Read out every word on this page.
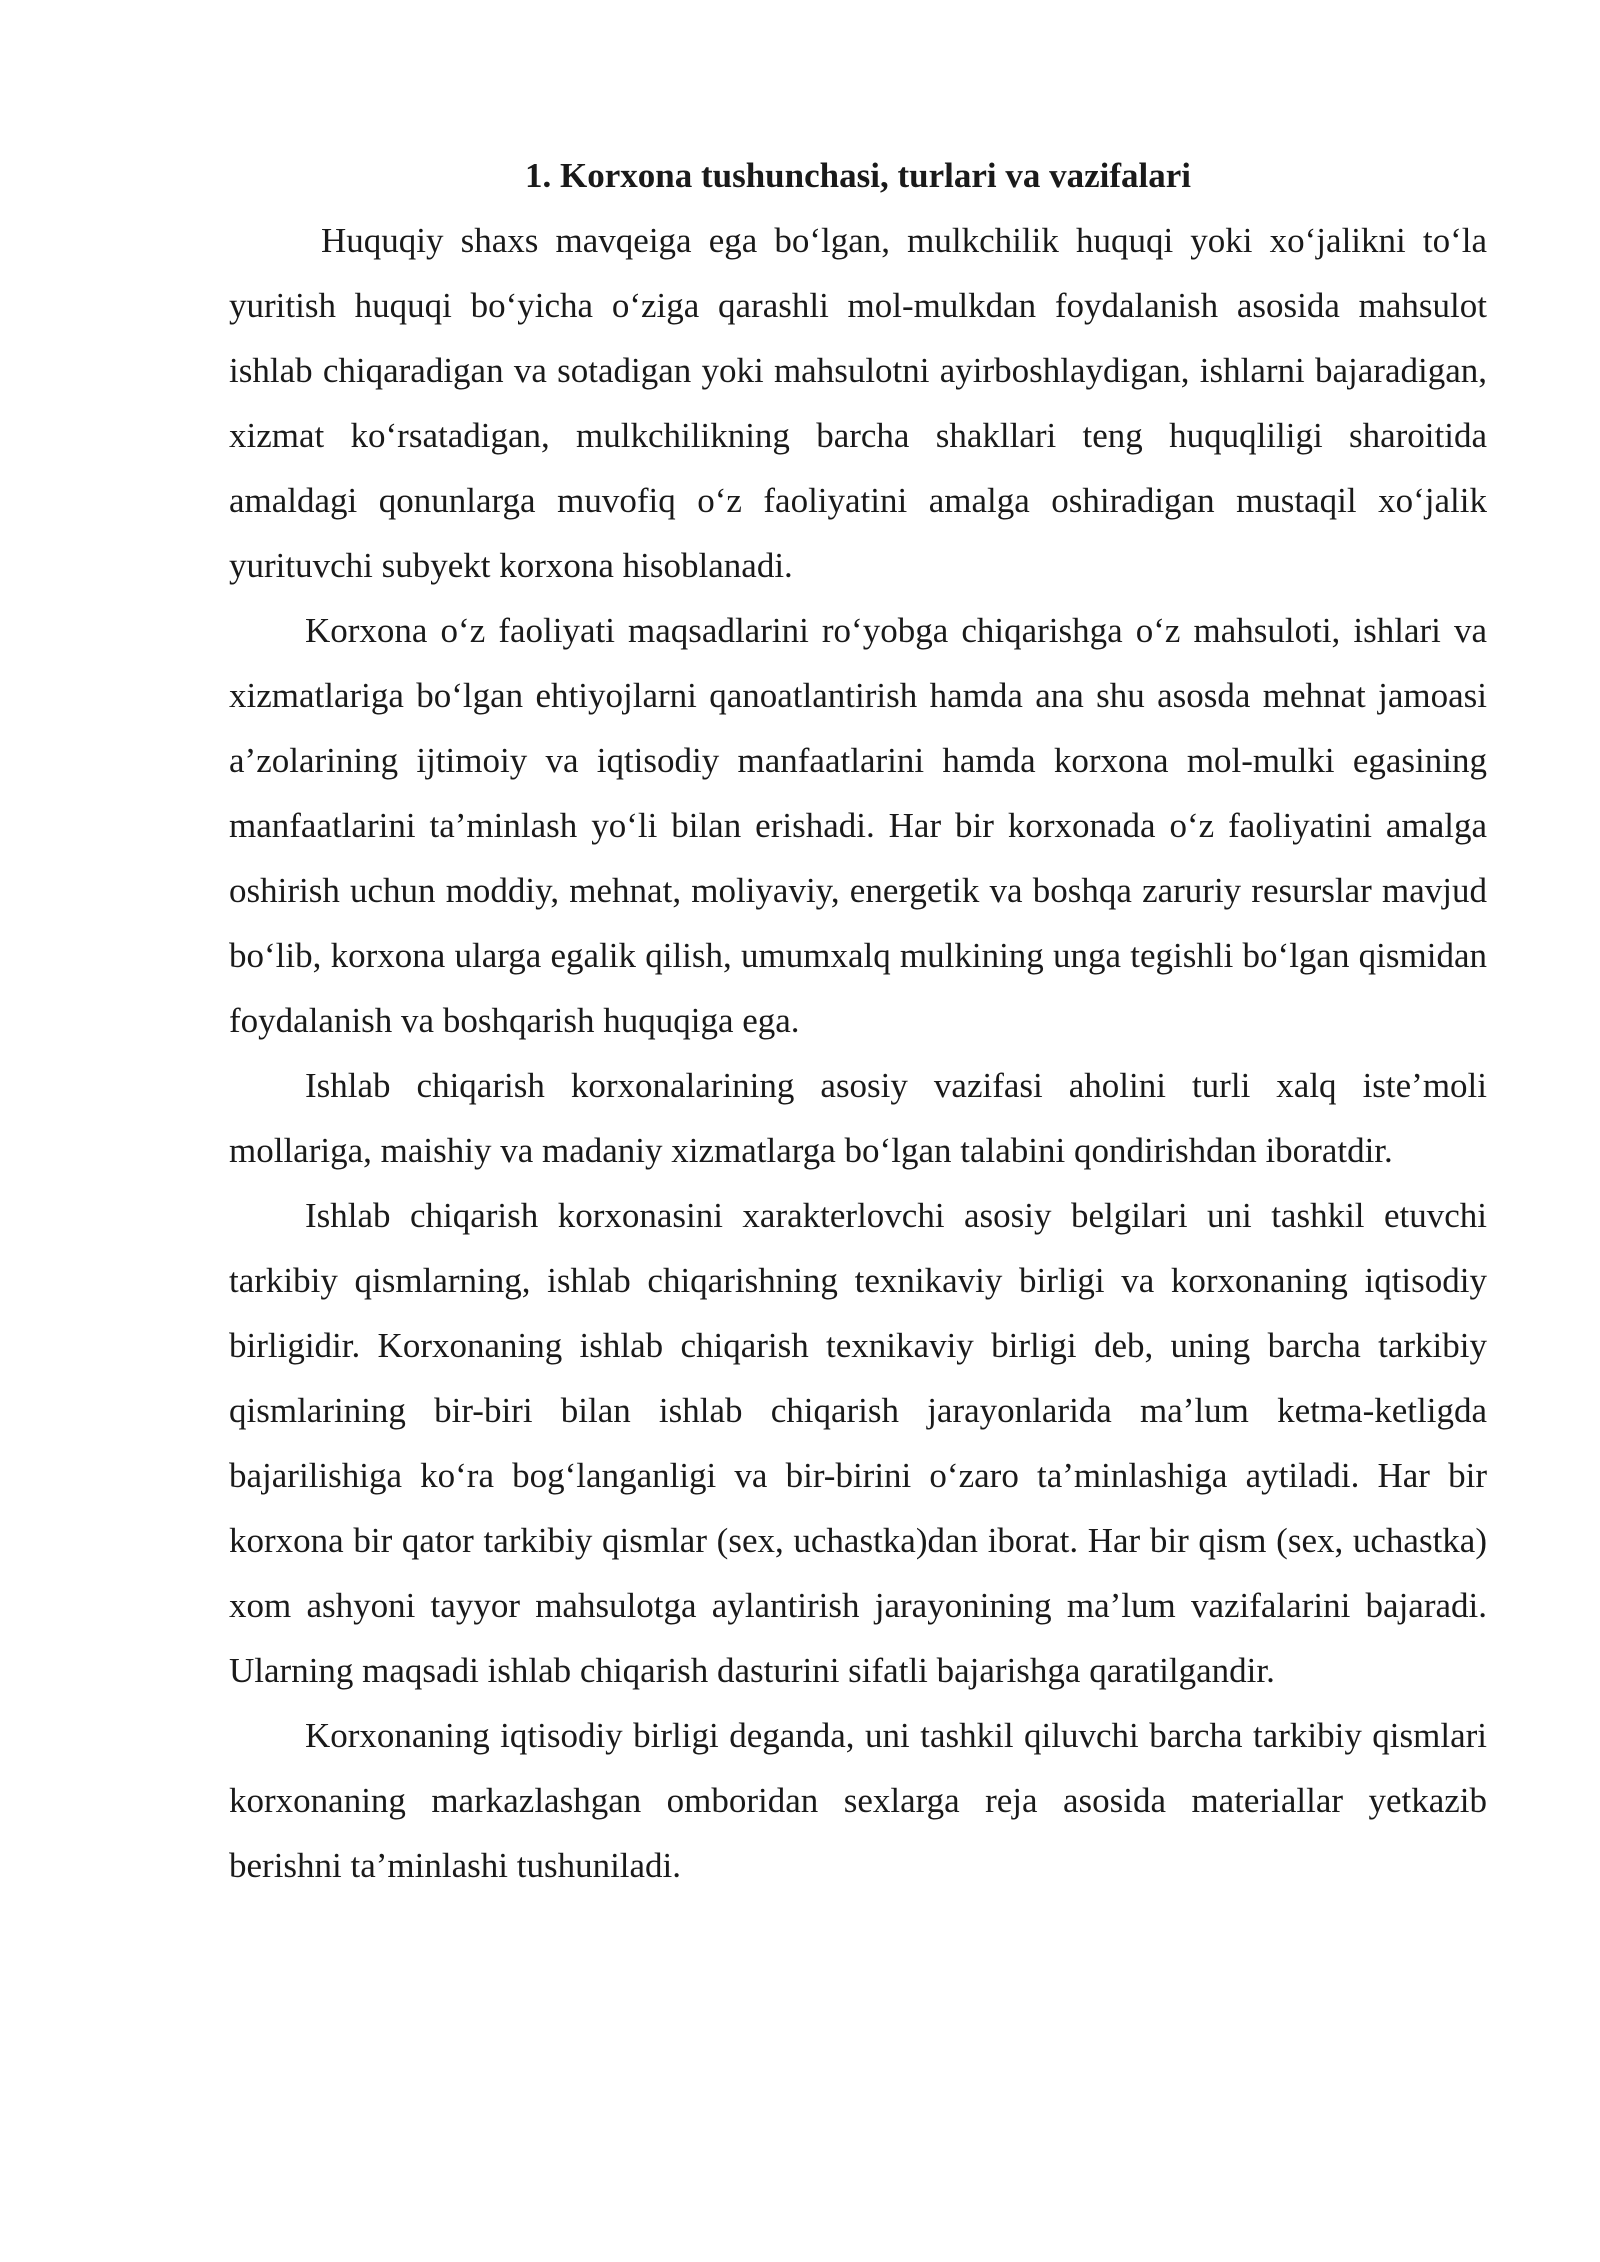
1. Korxona tushunchasi, turlari va vazifalari

Huquqiy shaxs mavqeiga ega bo‘lgan, mulkchilik huquqi yoki xo‘jalikni to‘la yuritish huquqi bo‘yicha o‘ziga qarashli mol-mulkdan foydalanish asosida mahsulot ishlab chiqaradigan va sotadigan yoki mahsulotni ayirboshlaydigan, ishlarni bajaradigan, xizmat ko‘rsatadigan, mulkchilikning barcha shakllari teng huquqliligi sharoitida amaldagi qonunlarga muvofiq o‘z faoliyatini amalga oshiradigan mustaqil xo‘jalik yurituvchi subyekt korxona hisoblanadi.

Korxona o‘z faoliyati maqsadlarini ro‘yobga chiqarishga o‘z mahsuloti, ishlari va xizmatlariga bo‘lgan ehtiyojlarni qanoatlantirish hamda ana shu asosda mehnat jamoasi a’zolarining ijtimoiy va iqtisodiy manfaatlarini hamda korxona mol-mulki egasining manfaatlarini ta’minlash yo‘li bilan erishadi. Har bir korxonada o‘z faoliyatini amalga oshirish uchun moddiy, mehnat, moliyaviy, energetik va boshqa zaruriy resurslar mavjud bo‘lib, korxona ularga egalik qilish, umumxalq mulkining unga tegishli bo‘lgan qismidan foydalanish va boshqarish huquqiga ega.

Ishlab chiqarish korxonalarining asosiy vazifasi aholini turli xalq iste’moli mollariga, maishiy va madaniy xizmatlarga bo‘lgan talabini qondirishdan iboratdir.

Ishlab chiqarish korxonasini xarakterlovchi asosiy belgilari uni tashkil etuvchi tarkibiy qismlarning, ishlab chiqarishning texnikaviy birligi va korxonaning iqtisodiy birligidir. Korxonaning ishlab chiqarish texnikaviy birligi deb, uning barcha tarkibiy qismlarining bir-biri bilan ishlab chiqarish jarayonlarida ma’lum ketma-ketligda bajarilishiga ko‘ra bog‘langanligi va bir-birini o‘zaro ta’minlashiga aytiladi. Har bir korxona bir qator tarkibiy qismlar (sex, uchastka)dan iborat. Har bir qism (sex, uchastka) xom ashyoni tayyor mahsulotga aylantirish jarayonining ma’lum vazifalarini bajaradi. Ularning maqsadi ishlab chiqarish dasturini sifatli bajarishga qaratilgandir.

Korxonaning iqtisodiy birligi deganda, uni tashkil qiluvchi barcha tarkibiy qismlari korxonaning markazlashgan omboridan sexlarga reja asosida materiallar yetkazib berishni ta’minlashi tushuniladi.
